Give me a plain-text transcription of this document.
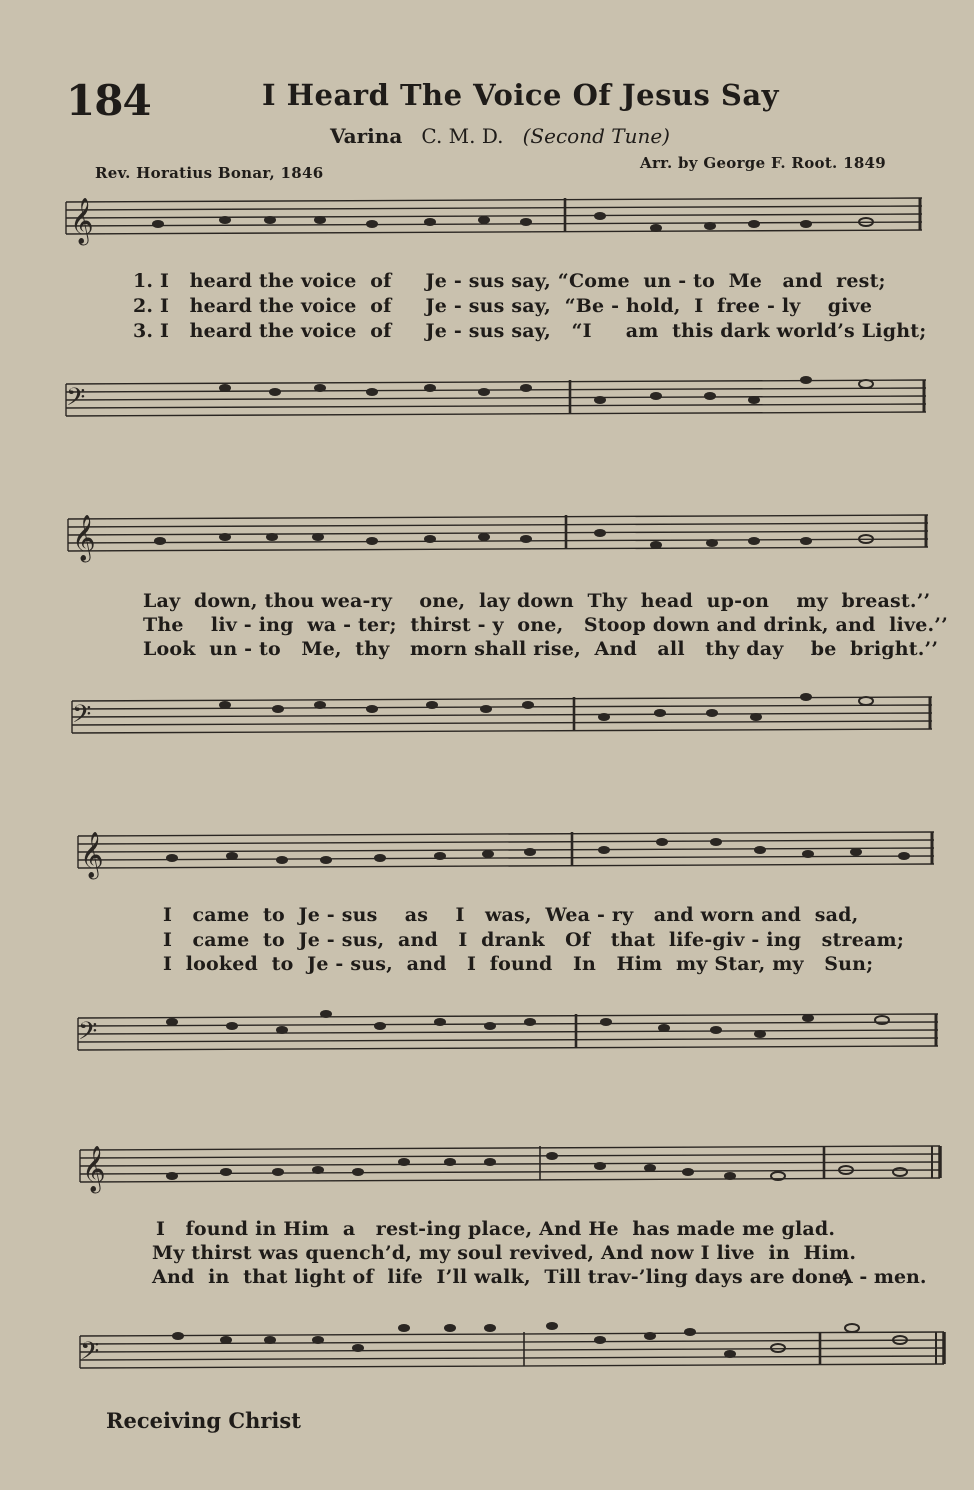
184	I Heard The Voice Of Jesus Say
Varina C. M. D. (Second Tune)
Rev. Horatius Bonar, 1846
Arr. by George F. Root. 1849
𝄞
1. I   heard the voice  of     Je - sus say, “Come  un - to  Me   and  rest;
2. I   heard the voice  of     Je - sus say,  “Be - hold,  I  free - ly    give
3. I   heard the voice  of     Je - sus say,   “I     am  this dark world’s Light;
𝄢
𝄞
Lay  down, thou wea-ry    one,  lay down  Thy  head  up-on    my  breast.’’
The    liv - ing  wa - ter;  thirst - y  one,   Stoop down and drink, and  live.’’
Look  un - to   Me,  thy   morn shall rise,  And   all   thy day    be  bright.’’
𝄢
𝄞
I   came  to  Je - sus    as    I   was,  Wea - ry   and worn and  sad,
I   came  to  Je - sus,  and   I  drank   Of   that  life-giv - ing   stream;
I  looked  to  Je - sus,  and   I  found   In   Him  my Star, my   Sun;
𝄢
𝄞
I   found in Him  a   rest-ing place, And He  has made me glad.
My thirst was quench’d, my soul revived, And now I live  in  Him.
And  in  that light of  life  I’ll walk,  Till trav-’ling days are done,
A - men.
𝄢
Receiving Christ
